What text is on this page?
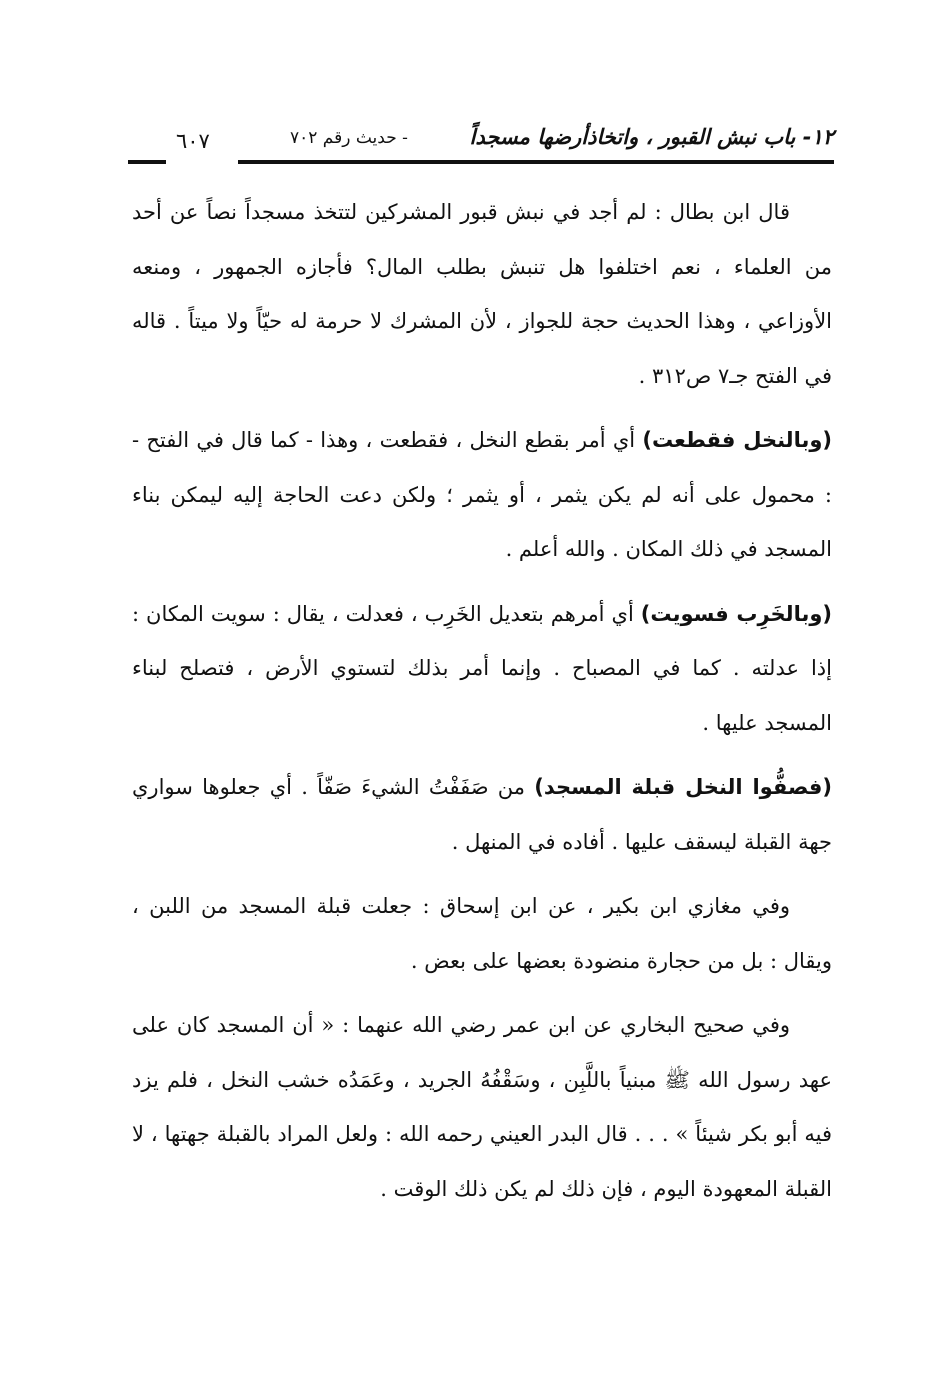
١٢- باب نبش القبور ، واتخاذأرضها مسجداً
- حديث رقم ٧٠٢
٦٠٧

قال ابن بطال : لم أجد في نبش قبور المشركين لتتخذ مسجداً نصاً عن أحد من العلماء ، نعم اختلفوا هل تنبش بطلب المال؟ فأجازه الجمهور ، ومنعه الأوزاعي ، وهذا الحديث حجة للجواز ، لأن المشرك لا حرمة له حيّاً ولا ميتاً . قاله في الفتح جـ٧ ص٣١٢ .

(وبالنخل فقطعت) أي أمر بقطع النخل ، فقطعت ، وهذا - كما قال في الفتح - : محمول على أنه لم يكن يثمر ، أو يثمر ؛ ولكن دعت الحاجة إليه ليمكن بناء المسجد في ذلك المكان . والله أعلم .

(وبالخَرِب فسويت) أي أمرهم بتعديل الخَرِب ، فعدلت ، يقال : سويت المكان : إذا عدلته . كما في المصباح . وإنما أمر بذلك لتستوي الأرض ، فتصلح لبناء المسجد عليها .

(فصفُّوا النخل قبلة المسجد) من صَفَفْتُ الشيءَ صَفّاً . أي جعلوها سواري جهة القبلة ليسقف عليها . أفاده في المنهل .

وفي مغازي ابن بكير ، عن ابن إسحاق : جعلت قبلة المسجد من اللبن ، ويقال : بل من حجارة منضودة بعضها على بعض .

وفي صحيح البخاري عن ابن عمر رضي الله عنهما : « أن المسجد كان على عهد رسول الله ﷺ مبنياً باللَّبِن ، وسَقْفُهُ الجريد ، وعَمَدُه خشب النخل ، فلم يزد فيه أبو بكر شيئاً » . . . قال البدر العيني رحمه الله : ولعل المراد بالقبلة جهتها ، لا القبلة المعهودة اليوم ، فإن ذلك لم يكن ذلك الوقت .
